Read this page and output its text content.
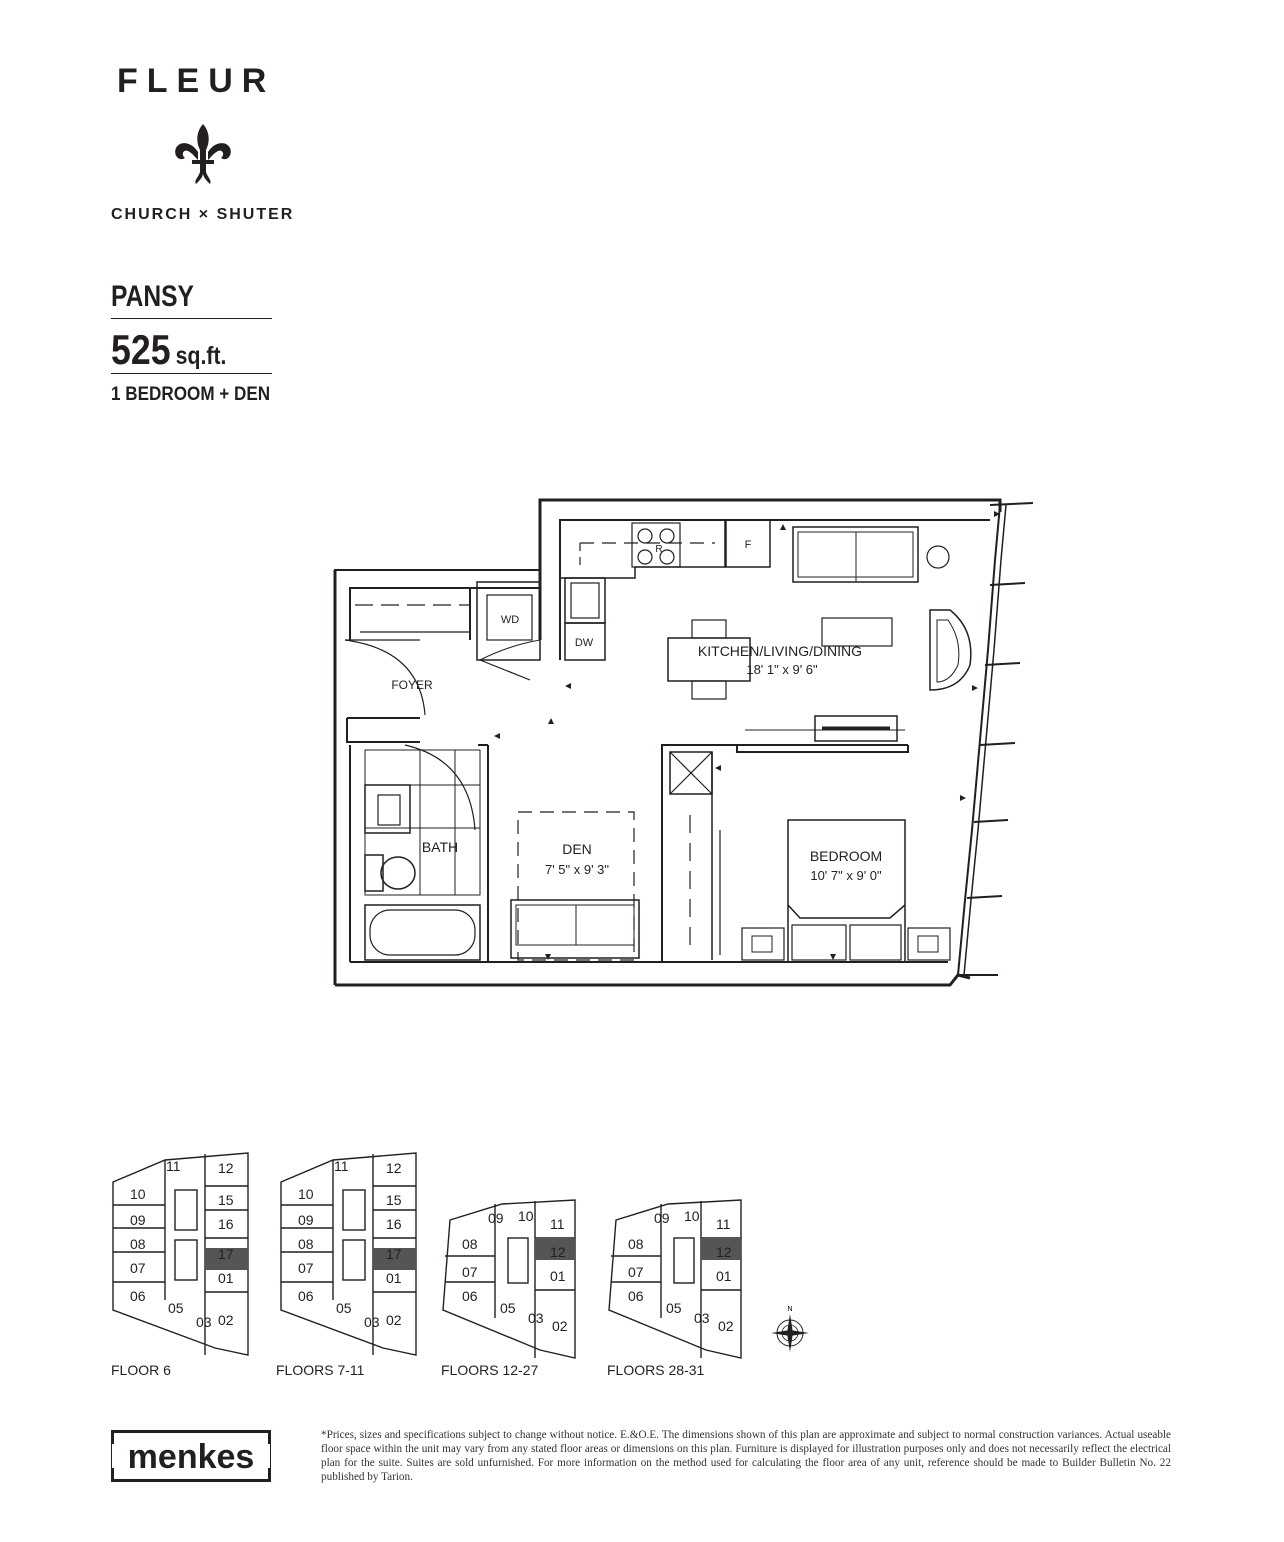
FLEUR
CHURCH × SHUTER
PANSY
525 sq.ft.
1 BEDROOM + DEN
KITCHEN/LIVING/DINING
18' 1" x 9' 6"
DEN
7' 5" x 9' 3"
BEDROOM
10' 7" x 9' 0"
BATH
FOYER
WD
DW
F
R
11	12
10	15
09	16
08
17
07
01
06
05
03 02
FLOOR 6
11	12
10	15
09	16
08
17
07
01
06
05
03 02
FLOORS 7-11
09 10 11
08	12
07	01
06
05
03 02
FLOORS 12-27
09 10 11
08	12
07	01
06
05
03 02
FLOORS 28-31
N
menkes
*Prices, sizes and specifications subject to change without notice. E.&O.E. The dimensions shown of this plan are approximate and subject to normal construction variances. Actual useable floor space within the unit may vary from any stated floor areas or dimensions on this plan. Furniture is displayed for illustration purposes only and does not necessarily reflect the electrical plan for the suite. Suites are sold unfurnished. For more information on the method used for calculating the floor area of any unit, reference should be made to Builder Bulletin No. 22 published by Tarion.
